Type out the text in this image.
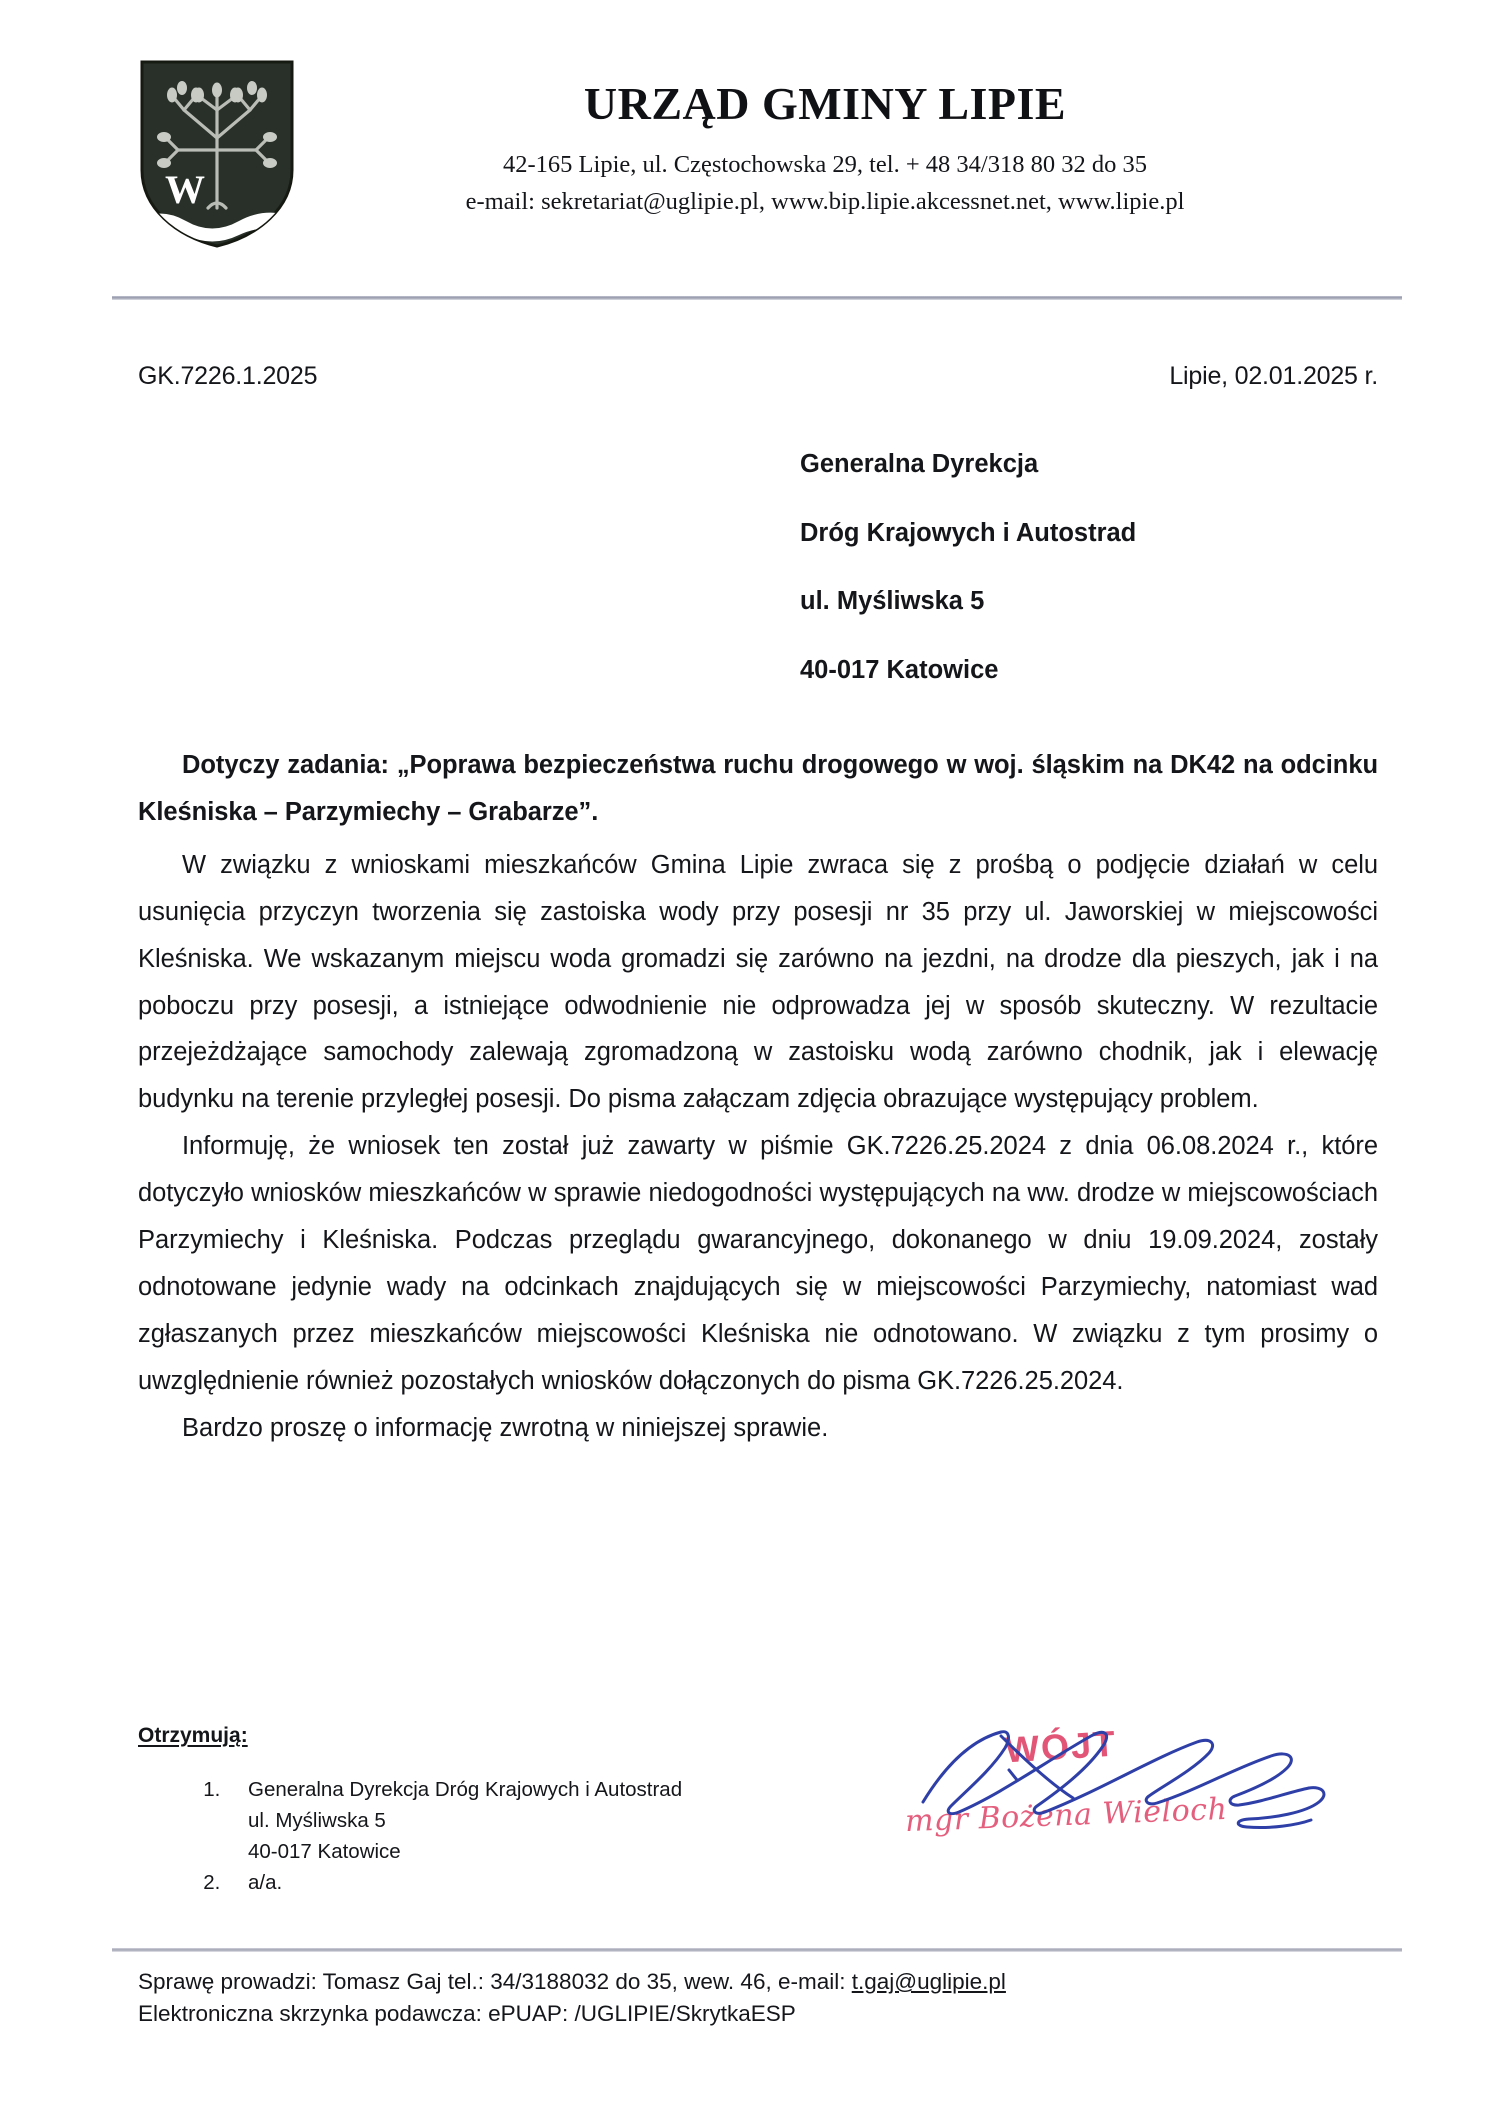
W
URZĄD GMINY LIPIE
42-165 Lipie, ul. Częstochowska 29, tel. + 48 34/318 80 32 do 35
e-mail: sekretariat@uglipie.pl, www.bip.lipie.akcessnet.net, www.lipie.pl
GK.7226.1.2025	Lipie, 02.01.2025 r.
Generalna Dyrekcja
Dróg Krajowych i Autostrad
ul. Myśliwska 5
40-017 Katowice

Dotyczy zadania: „Poprawa bezpieczeństwa ruchu drogowego w woj. śląskim na DK42 na odcinku Kleśniska – Parzymiechy – Grabarze”.

W związku z wnioskami mieszkańców Gmina Lipie zwraca się z prośbą o podjęcie działań w celu usunięcia przyczyn tworzenia się zastoiska wody przy posesji nr 35 przy ul. Jaworskiej w miejscowości Kleśniska. We wskazanym miejscu woda gromadzi się zarówno na jezdni, na drodze dla pieszych, jak i na poboczu przy posesji, a istniejące odwodnienie nie odprowadza jej w sposób skuteczny. W rezultacie przejeżdżające samochody zalewają zgromadzoną w zastoisku wodą zarówno chodnik, jak i elewację budynku na terenie przyległej posesji. Do pisma załączam zdjęcia obrazujące występujący problem.

Informuję, że wniosek ten został już zawarty w piśmie GK.7226.25.2024 z dnia 06.08.2024 r., które dotyczyło wniosków mieszkańców w sprawie niedogodności występujących na ww. drodze w miejscowościach Parzymiechy i Kleśniska. Podczas przeglądu gwarancyjnego, dokonanego w dniu 19.09.2024, zostały odnotowane jedynie wady na odcinkach znajdujących się w miejscowości Parzymiechy, natomiast wad zgłaszanych przez mieszkańców miejscowości Kleśniska nie odnotowano. W związku z tym prosimy o uwzględnienie również pozostałych wniosków dołączonych do pisma GK.7226.25.2024.

Bardzo proszę o informację zwrotną w niniejszej sprawie.

Otrzymują:
1. Generalna Dyrekcja Dróg Krajowych i Autostrad
ul. Myśliwska 5
40-017 Katowice
2. a/a.
WÓJT
mgr Bożena Wieloch
Sprawę prowadzi: Tomasz Gaj tel.: 34/3188032 do 35, wew. 46, e-mail: t.gaj@uglipie.pl
Elektroniczna skrzynka podawcza: ePUAP: /UGLIPIE/SkrytkaESP
